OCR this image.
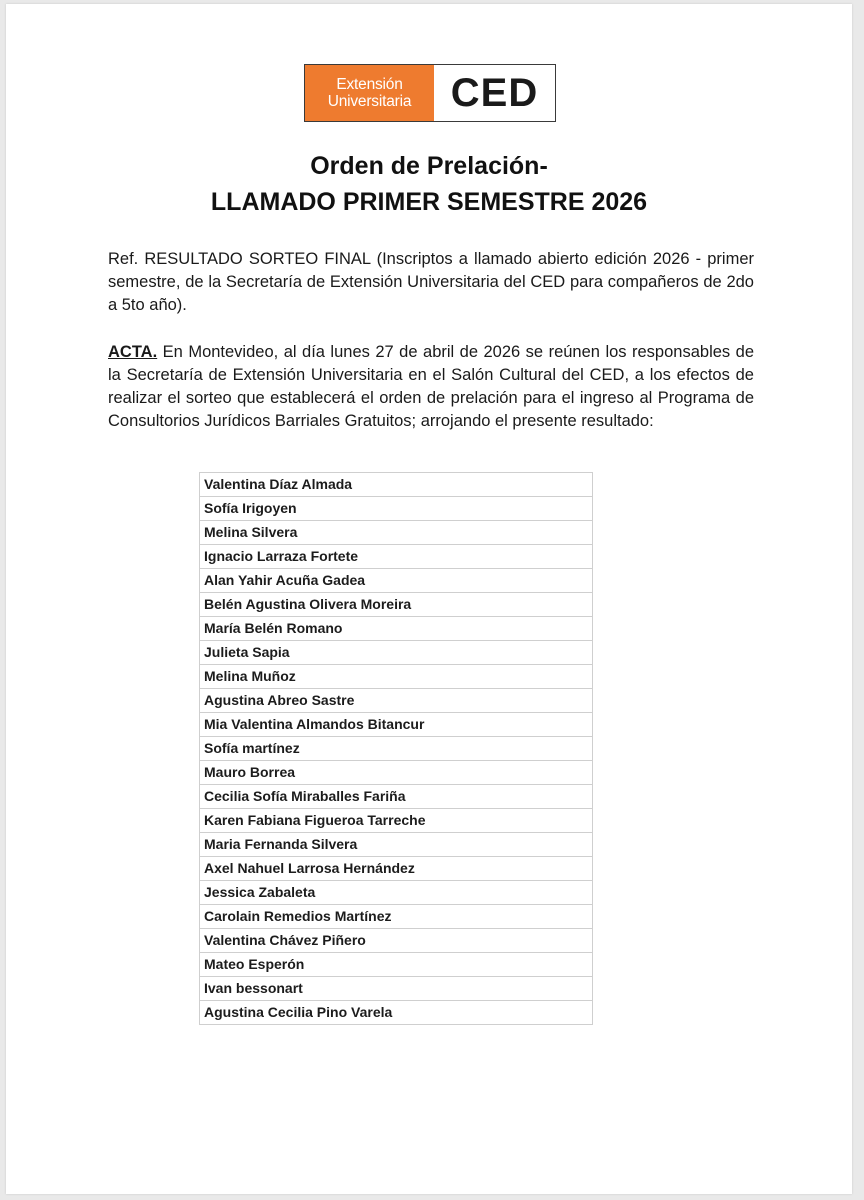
Extensión
Universitaria CED
Orden de Prelación-
LLAMADO PRIMER SEMESTRE 2026
Ref. RESULTADO SORTEO FINAL (Inscriptos a llamado abierto edición 2026 - primer semestre, de la Secretaría de Extensión Universitaria del CED para compañeros de 2do a 5to año).
ACTA. En Montevideo, al día lunes 27 de abril de 2026 se reúnen los responsables de la Secretaría de Extensión Universitaria en el Salón Cultural del CED, a los efectos de realizar el sorteo que establecerá el orden de prelación para el ingreso al Programa de Consultorios Jurídicos Barriales Gratuitos; arrojando el presente resultado:
Valentina Díaz Almada
Sofía Irigoyen
Melina Silvera
Ignacio Larraza Fortete
Alan Yahir Acuña Gadea
Belén Agustina Olivera Moreira
María Belén Romano
Julieta Sapia
Melina Muñoz
Agustina Abreo Sastre
Mia Valentina Almandos Bitancur
Sofía martínez
Mauro Borrea
Cecilia Sofía Miraballes Fariña
Karen Fabiana Figueroa Tarreche
Maria Fernanda Silvera
Axel Nahuel Larrosa Hernández
Jessica Zabaleta
Carolain Remedios Martínez
Valentina Chávez Piñero
Mateo Esperón
Ivan bessonart
Agustina Cecilia Pino Varela
